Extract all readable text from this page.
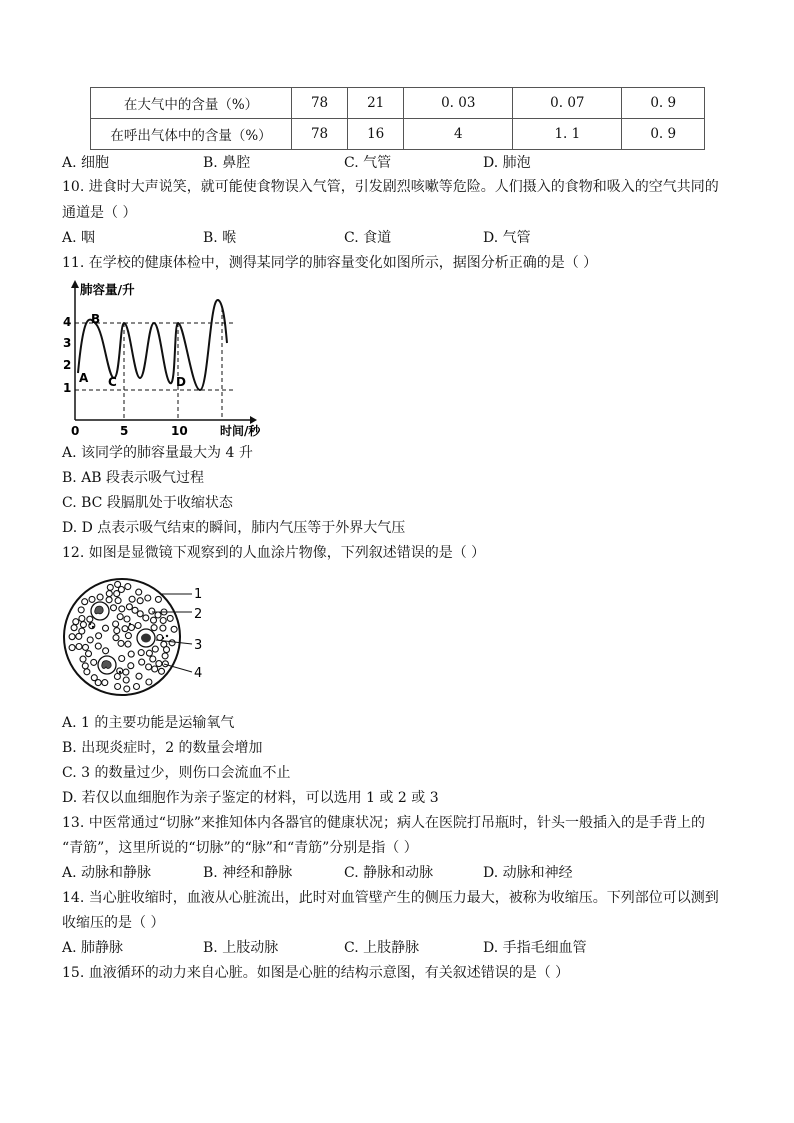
在大气中的含量（%）	78	21	0. 03	0. 07	0. 9
在呼出气体中的含量（%）	78	16	4	1. 1	0. 9
A. 细胞	B. 鼻腔	C. 气管	D. 肺泡
10. 进食时大声说笑，就可能使食物误入气管，引发剧烈咳嗽等危险。人们摄入的食物和吸入的空气共同的
通道是（ ）
A. 咽	B. 喉	C. 食道	D. 气管
11. 在学校的健康体检中，测得某同学的肺容量变化如图所示，据图分析正确的是（ ）
1
2
3
4
肺容量/升
0	5	10	时间/秒
A
B
C	D
A. 该同学的肺容量最大为 4 升
B. AB 段表示吸气过程
C. BC 段膈肌处于收缩状态
D. D 点表示吸气结束的瞬间，肺内气压等于外界大气压
12. 如图是显微镜下观察到的人血涂片物像，下列叙述错误的是（ ）
1
2
3
4
A. 1 的主要功能是运输氧气
B. 出现炎症时，2 的数量会增加
C. 3 的数量过少，则伤口会流血不止
D. 若仅以血细胞作为亲子鉴定的材料，可以选用 1 或 2 或 3
13. 中医常通过“切脉”来推知体内各器官的健康状况；病人在医院打吊瓶时，针头一般插入的是手背上的
“青筋”，这里所说的“切脉”的“脉”和“青筋”分别是指（ ）
A. 动脉和静脉	B. 神经和静脉	C. 静脉和动脉	D. 动脉和神经
14. 当心脏收缩时，血液从心脏流出，此时对血管壁产生的侧压力最大，被称为收缩压。下列部位可以测到
收缩压的是（ ）
A. 肺静脉	B. 上肢动脉	C. 上肢静脉	D. 手指毛细血管
15. 血液循环的动力来自心脏。如图是心脏的结构示意图，有关叙述错误的是（ ）
